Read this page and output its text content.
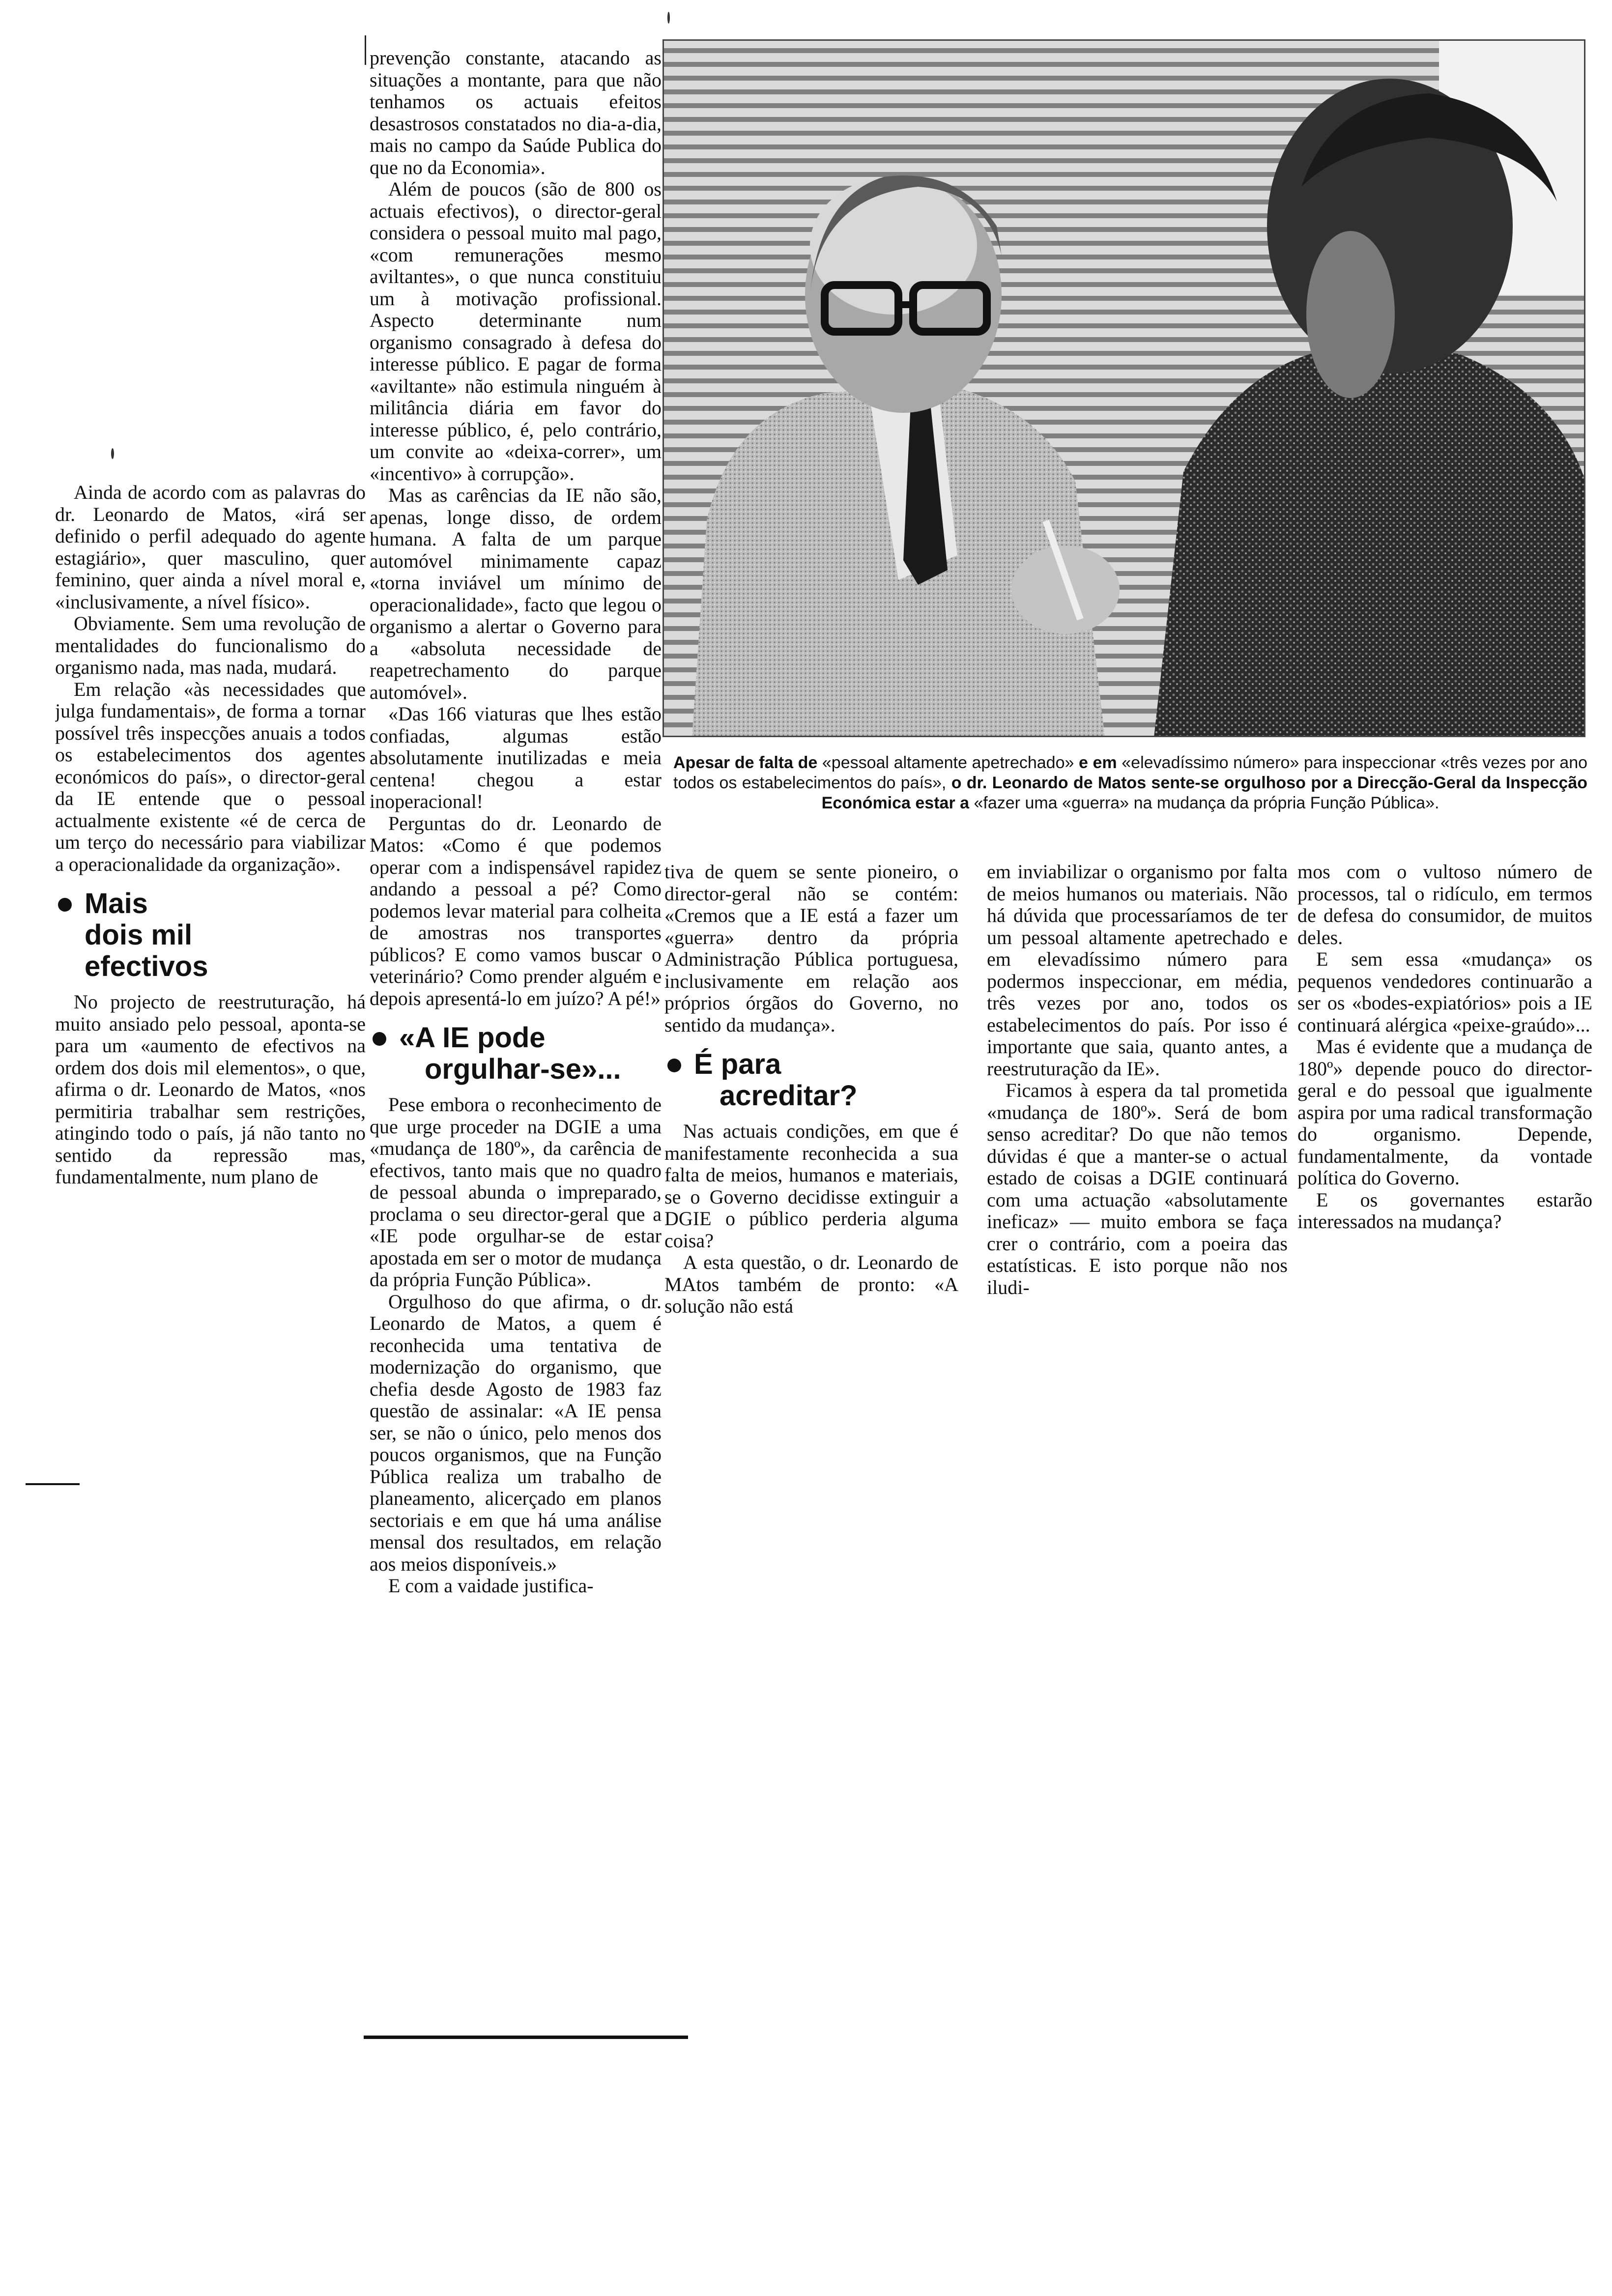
Ainda de acordo com as palavras do dr. Leonardo de Matos, «irá ser definido o perfil adequado do agente estagiário», quer masculino, quer feminino, quer ainda a nível moral e, «inclusivamente, a nível físico».

Obviamente. Sem uma revolução de mentalidades do funcionalismo do organismo nada, mas nada, mudará.

Em relação «às necessidades que julga fundamentais», de forma a tornar possível três inspecções anuais a todos os estabelecimentos dos agentes económicos do país», o director-geral da IE entende que o pessoal actualmente existente «é de cerca de um terço do necessário para viabilizar a operacionalidade da organização».

Mais
dois mil
efectivos

No projecto de reestruturação, há muito ansiado pelo pessoal, aponta-se para um «aumento de efectivos na ordem dos dois mil elementos», o que, afirma o dr. Leonardo de Matos, «nos permitiria trabalhar sem restrições, atingindo todo o país, já não tanto no sentido da repressão mas, fundamentalmente, num plano de

prevenção constante, atacando as situações a montante, para que não tenhamos os actuais efeitos desastrosos constatados no dia-a-dia, mais no campo da Saúde Publica do que no da Economia».

Além de poucos (são de 800 os actuais efectivos), o director-geral considera o pessoal muito mal pago, «com remunerações mesmo aviltantes», o que nunca constituiu um à motivação profissional. Aspecto determinante num organismo consagrado à defesa do interesse público. E pagar de forma «aviltante» não estimula ninguém à militância diária em favor do interesse público, é, pelo contrário, um convite ao «deixa-correr», um «incentivo» à corrupção».

Mas as carências da IE não são, apenas, longe disso, de ordem humana. A falta de um parque automóvel minimamente capaz «torna inviável um mínimo de operacionalidade», facto que legou o organismo a alertar o Governo para a «absoluta necessidade de reapetrechamento do parque automóvel».

«Das 166 viaturas que lhes estão confiadas, algumas estão absolutamente inutilizadas e meia centena! chegou a estar inoperacional!

Perguntas do dr. Leonardo de Matos: «Como é que podemos operar com a indispensável rapidez andando a pessoal a pé? Como podemos levar material para colheita de amostras nos transportes públicos? E como vamos buscar o veterinário? Como prender alguém e depois apresentá-lo em juízo? A pé!»

«A IE pode
orgulhar-se»...

Pese embora o reconhecimento de que urge proceder na DGIE a uma «mudança de 180º», da carência de efectivos, tanto mais que no quadro de pessoal abunda o impreparado, proclama o seu director-geral que a «IE pode orgulhar-se de estar apostada em ser o motor de mudança da própria Função Pública».

Orgulhoso do que afirma, o dr. Leonardo de Matos, a quem é reconhecida uma tentativa de modernização do organismo, que chefia desde Agosto de 1983 faz questão de assinalar: «A IE pensa ser, se não o único, pelo menos dos poucos organismos, que na Função Pública realiza um trabalho de planeamento, alicerçado em planos sectoriais e em que há uma análise mensal dos resultados, em relação aos meios disponíveis.»

E com a vaidade justifica-

Apesar de falta de «pessoal altamente apetrechado» e em «elevadíssimo número» para inspeccionar «três vezes por ano todos os estabelecimentos do país», o dr. Leonardo de Matos sente-se orgulhoso por a Direcção-Geral da Inspecção Económica estar a «fazer uma «guerra» na mudança da própria Função Pública».

tiva de quem se sente pioneiro, o director-geral não se contém: «Cremos que a IE está a fazer um «guerra» dentro da própria Administração Pública portuguesa, inclusivamente em relação aos próprios órgãos do Governo, no sentido da mudança».

É para
acreditar?

Nas actuais condições, em que é manifestamente reconhecida a sua falta de meios, humanos e materiais, se o Governo decidisse extinguir a DGIE o público perderia alguma coisa?

A esta questão, o dr. Leonardo de MAtos também de pronto: «A solução não está

em inviabilizar o organismo por falta de meios humanos ou materiais. Não há dúvida que processaríamos de ter um pessoal altamente apetrechado e em elevadíssimo número para podermos inspeccionar, em média, três vezes por ano, todos os estabelecimentos do país. Por isso é importante que saia, quanto antes, a reestruturação da IE».

Ficamos à espera da tal prometida «mudança de 180º». Será de bom senso acreditar? Do que não temos dúvidas é que a manter-se o actual estado de coisas a DGIE continuará com uma actuação «absolutamente ineficaz» — muito embora se faça crer o contrário, com a poeira das estatísticas. E isto porque não nos iludi-

mos com o vultoso número de processos, tal o ridículo, em termos de defesa do consumidor, de muitos deles.

E sem essa «mudança» os pequenos vendedores continuarão a ser os «bodes-expiatórios» pois a IE continuará alérgica «peixe-graúdo»...

Mas é evidente que a mudança de 180º» depende pouco do director-geral e do pessoal que igualmente aspira por uma radical transformação do organismo. Depende, fundamentalmente, da vontade política do Governo.

E os governantes estarão interessados na mudança?
